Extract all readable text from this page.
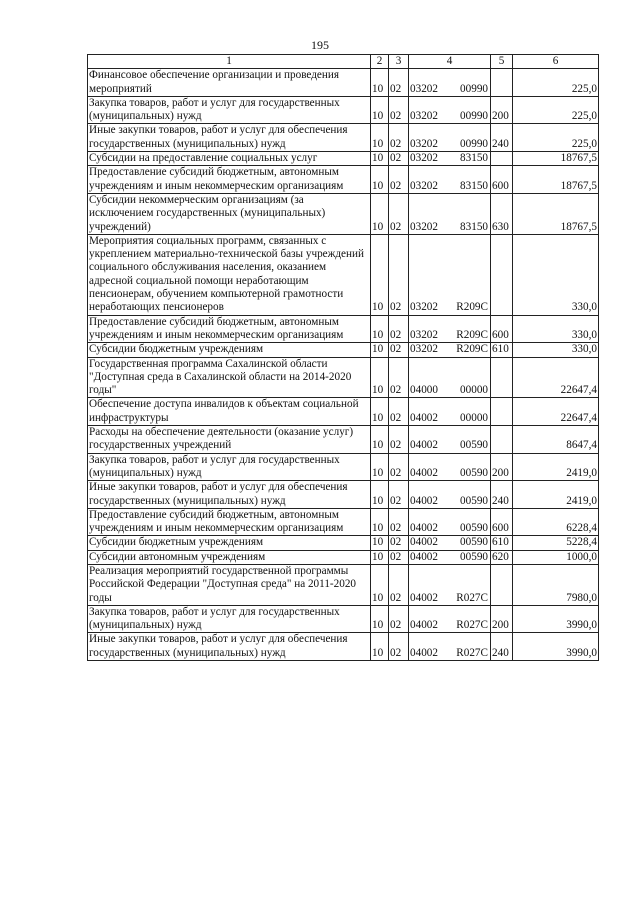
195
1	2	3	4	5	6
Финансовое обеспечение организации и проведения мероприятий	10	02	03202 00990		225,0
Закупка товаров, работ и услуг для государственных (муниципальных) нужд	10	02	03202 00990	200	225,0
Иные закупки товаров, работ и услуг для обеспечения государственных (муниципальных) нужд	10	02	03202 00990	240	225,0
Субсидии на предоставление социальных услуг	10	02	03202 83150		18767,5
Предоставление субсидий бюджетным, автономным учреждениям и иным некоммерческим организациям	10	02	03202 83150	600	18767,5
Субсидии некоммерческим организациям (за исключением государственных (муниципальных) учреждений)	10	02	03202 83150	630	18767,5
Мероприятия социальных программ, связанных с укреплением материально-технической базы учреждений социального обслуживания населения, оказанием адресной социальной помощи неработающим пенсионерам, обучением компьютерной грамотности неработающих пенсионеров	10	02	03202 R209C		330,0
Предоставление субсидий бюджетным, автономным учреждениям и иным некоммерческим организациям	10	02	03202 R209C	600	330,0
Субсидии бюджетным учреждениям	10	02	03202 R209C	610	330,0
Государственная программа Сахалинской области "Доступная среда в Сахалинской области на 2014-2020 годы"	10	02	04000 00000		22647,4
Обеспечение доступа инвалидов к объектам социальной инфраструктуры	10	02	04002 00000		22647,4
Расходы на обеспечение деятельности (оказание услуг) государственных учреждений	10	02	04002 00590		8647,4
Закупка товаров, работ и услуг для государственных (муниципальных) нужд	10	02	04002 00590	200	2419,0
Иные закупки товаров, работ и услуг для обеспечения государственных (муниципальных) нужд	10	02	04002 00590	240	2419,0
Предоставление субсидий бюджетным, автономным учреждениям и иным некоммерческим организациям	10	02	04002 00590	600	6228,4
Субсидии бюджетным учреждениям	10	02	04002 00590	610	5228,4
Субсидии автономным учреждениям	10	02	04002 00590	620	1000,0
Реализация мероприятий государственной программы Российской Федерации "Доступная среда" на 2011-2020 годы	10	02	04002 R027C		7980,0
Закупка товаров, работ и услуг для государственных (муниципальных) нужд	10	02	04002 R027C	200	3990,0
Иные закупки товаров, работ и услуг для обеспечения государственных (муниципальных) нужд	10	02	04002 R027C	240	3990,0
